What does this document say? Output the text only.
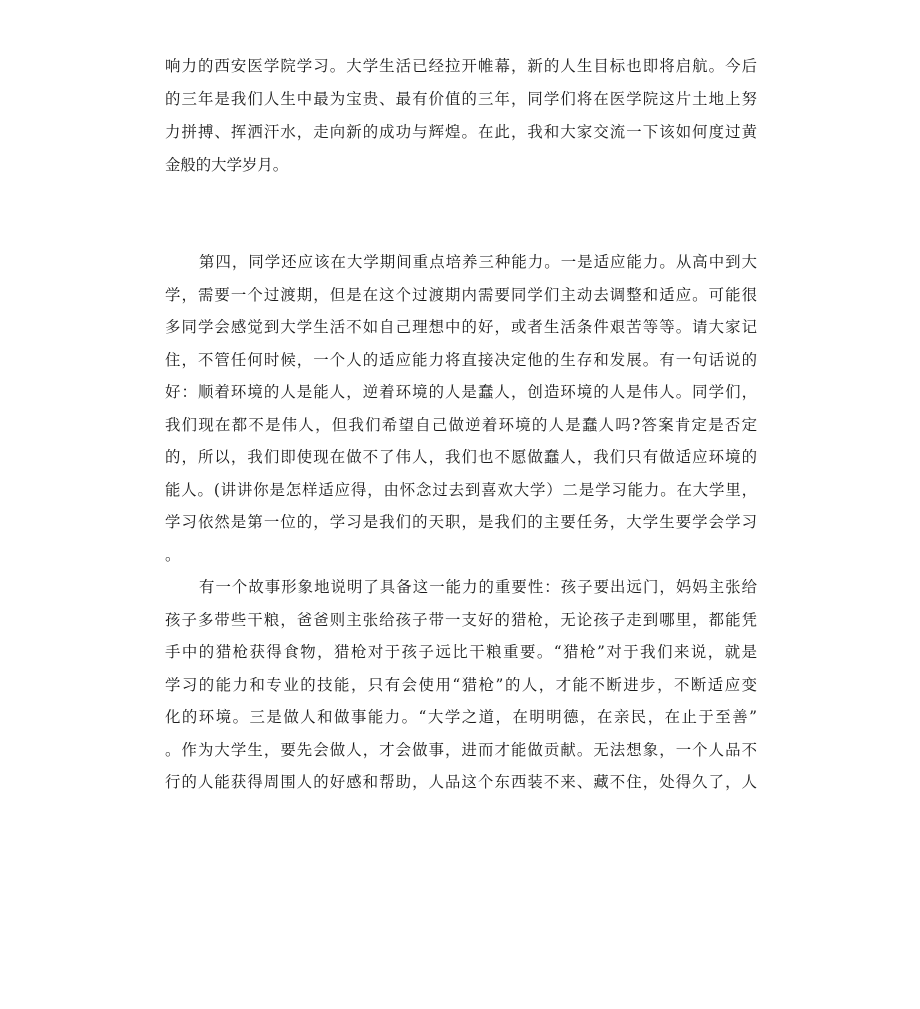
响力的西安医学院学习。大学生活已经拉开帷幕，新的人生目标也即将启航。今后
的三年是我们人生中最为宝贵、最有价值的三年，同学们将在医学院这片土地上努
力拼搏、挥洒汗水，走向新的成功与辉煌。在此，我和大家交流一下该如何度过黄
金般的大学岁月。
第四，同学还应该在大学期间重点培养三种能力。一是适应能力。从高中到大
学，需要一个过渡期，但是在这个过渡期内需要同学们主动去调整和适应。可能很
多同学会感觉到大学生活不如自己理想中的好，或者生活条件艰苦等等。请大家记
住，不管任何时候，一个人的适应能力将直接决定他的生存和发展。有一句话说的
好：顺着环境的人是能人，逆着环境的人是蠢人，创造环境的人是伟人。同学们，
我们现在都不是伟人，但我们希望自己做逆着环境的人是蠢人吗?答案肯定是否定
的，所以，我们即使现在做不了伟人，我们也不愿做蠢人，我们只有做适应环境的
能人。(讲讲你是怎样适应得，由怀念过去到喜欢大学）二是学习能力。在大学里，
学习依然是第一位的，学习是我们的天职，是我们的主要任务，大学生要学会学习
。
有一个故事形象地说明了具备这一能力的重要性：孩子要出远门，妈妈主张给
孩子多带些干粮，爸爸则主张给孩子带一支好的猎枪，无论孩子走到哪里，都能凭
手中的猎枪获得食物，猎枪对于孩子远比干粮重要。“猎枪”对于我们来说，就是
学习的能力和专业的技能，只有会使用“猎枪”的人，才能不断进步，不断适应变
化的环境。三是做人和做事能力。“大学之道，在明明德，在亲民，在止于至善”
。作为大学生，要先会做人，才会做事，进而才能做贡献。无法想象，一个人品不
行的人能获得周围人的好感和帮助，人品这个东西装不来、藏不住，处得久了，人
